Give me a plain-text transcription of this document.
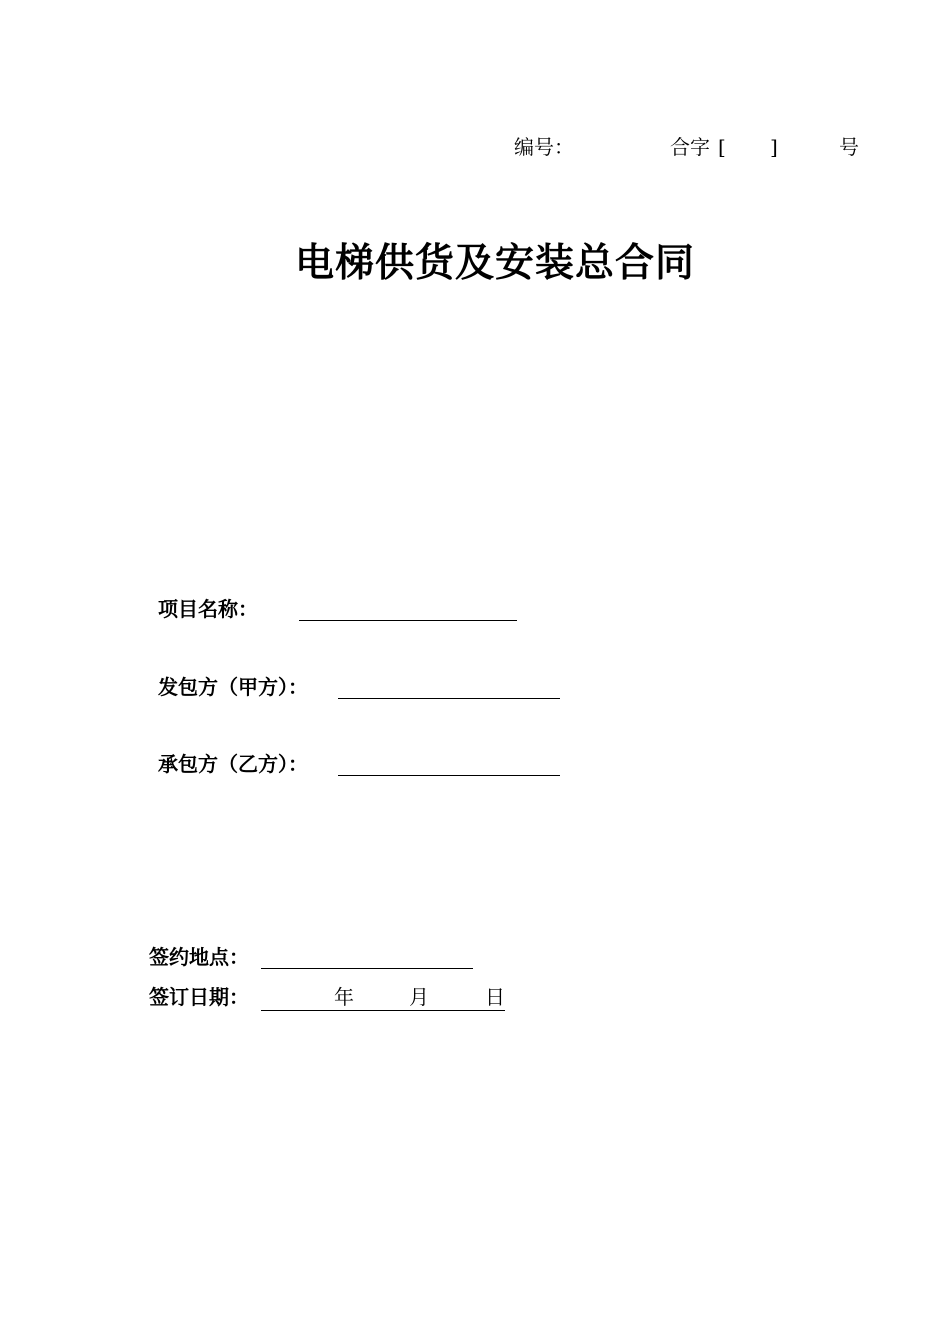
编号：	合字 [ ]	号
电梯供货及安装总合同
项目名称：
发包方（甲方）：
承包方（乙方）：
签约地点：
签订日期：	年	月	日
